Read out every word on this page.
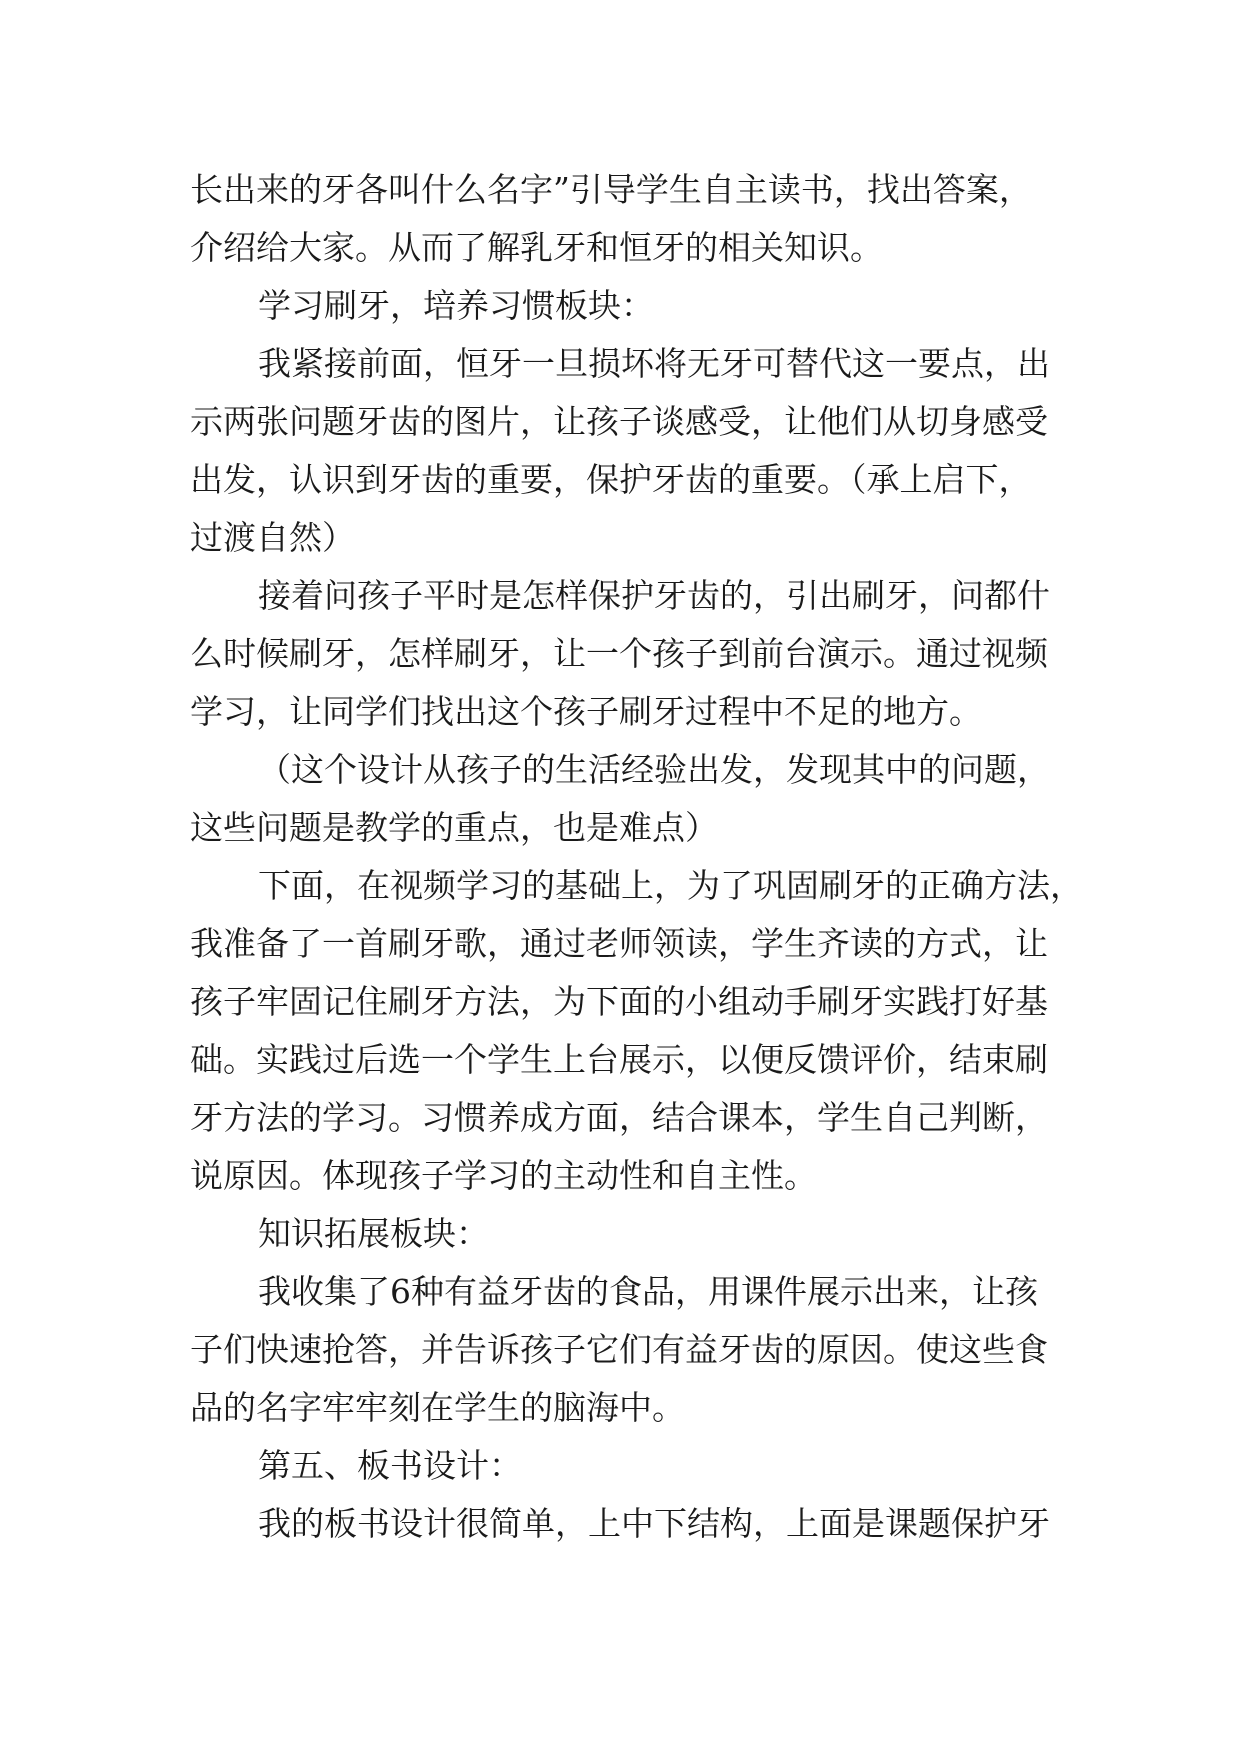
长出来的牙各叫什么名字”引导学生自主读书，找出答案，
介绍给大家。从而了解乳牙和恒牙的相关知识。
学习刷牙，培养习惯板块：
我紧接前面，恒牙一旦损坏将无牙可替代这一要点，出
示两张问题牙齿的图片，让孩子谈感受，让他们从切身感受
出发，认识到牙齿的重要，保护牙齿的重要。（承上启下，
过渡自然）
接着问孩子平时是怎样保护牙齿的，引出刷牙，问都什
么时候刷牙，怎样刷牙，让一个孩子到前台演示。通过视频
学习，让同学们找出这个孩子刷牙过程中不足的地方。
（这个设计从孩子的生活经验出发，发现其中的问题，
这些问题是教学的重点，也是难点）
下面，在视频学习的基础上，为了巩固刷牙的正确方法，
我准备了一首刷牙歌，通过老师领读，学生齐读的方式，让
孩子牢固记住刷牙方法，为下面的小组动手刷牙实践打好基
础。实践过后选一个学生上台展示，以便反馈评价，结束刷
牙方法的学习。习惯养成方面，结合课本，学生自己判断，
说原因。体现孩子学习的主动性和自主性。
知识拓展板块：
我收集了6种有益牙齿的食品，用课件展示出来，让孩
子们快速抢答，并告诉孩子它们有益牙齿的原因。使这些食
品的名字牢牢刻在学生的脑海中。
第五、板书设计：
我的板书设计很简单，上中下结构，上面是课题保护牙
